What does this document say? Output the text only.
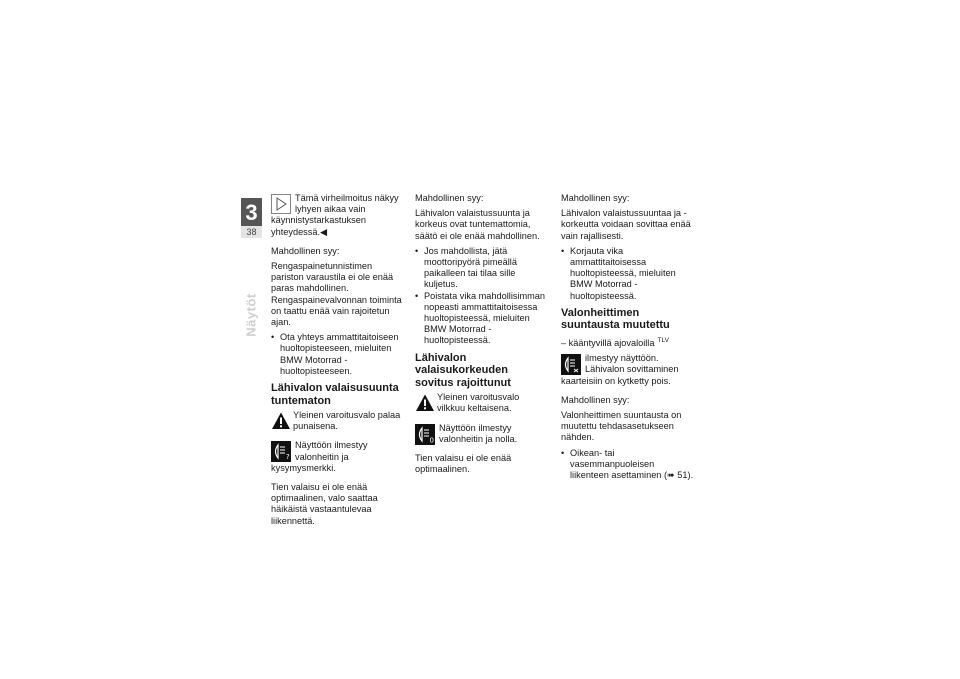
3
38
Näytöt

Tämä virheilmoitus näkyy lyhyen aikaa vain käynnistystarkastuksen yhteydessä.◀

Mahdollinen syy:

Rengaspainetunnistimen pariston varaustila ei ole enää paras mahdollinen. Rengaspainevalvonnan toiminta on taattu enää vain rajoitetun ajan.

• Ota yhteys ammattitaitoiseen huoltopisteeseen, mieluiten BMW Motorrad -huoltopisteeseen.
Lähivalon valaisusuunta tuntematon

Yleinen varoitusvalo palaa punaisena.

?

Näyttöön ilmestyy valonheitin ja kysymysmerkki.

Tien valaisu ei ole enää optimaalinen, valo saattaa häikäistä vastaantulevaa liikennettä.

Mahdollinen syy:

Lähivalon valaistussuunta ja korkeus ovat tuntemattomia, säätö ei ole enää mahdollinen.

• Jos mahdollista, jätä moottoripyörä pimeällä paikalleen tai tilaa sille kuljetus.
• Poistata vika mahdollisimman nopeasti ammattitaitoisessa huoltopisteessä, mieluiten BMW Motorrad -huoltopisteessä.
Lähivalon valaisukorkeuden sovitus rajoittunut

Yleinen varoitusvalo vilkkuu keltaisena.

0

Näyttöön ilmestyy valonheitin ja nolla.

Tien valaisu ei ole enää optimaalinen.

Mahdollinen syy:

Lähivalon valaistussuuntaa ja -korkeutta voidaan sovittaa enää vain rajallisesti.

• Korjauta vika ammattitaitoisessa huoltopisteessä, mieluiten BMW Motorrad -huoltopisteessä.
Valonheittimen suuntausta muutettu
– kääntyvillä ajovaloilla $^{TLV}$

ilmestyy näyttöön. Lähivalon sovittaminen kaarteisiin on kytketty pois.

Mahdollinen syy:

Valonheittimen suuntausta on muutettu tehdasasetukseen nähden.

• Oikean- tai vasemmanpuoleisen liikenteen asettaminen (➠ 51).
